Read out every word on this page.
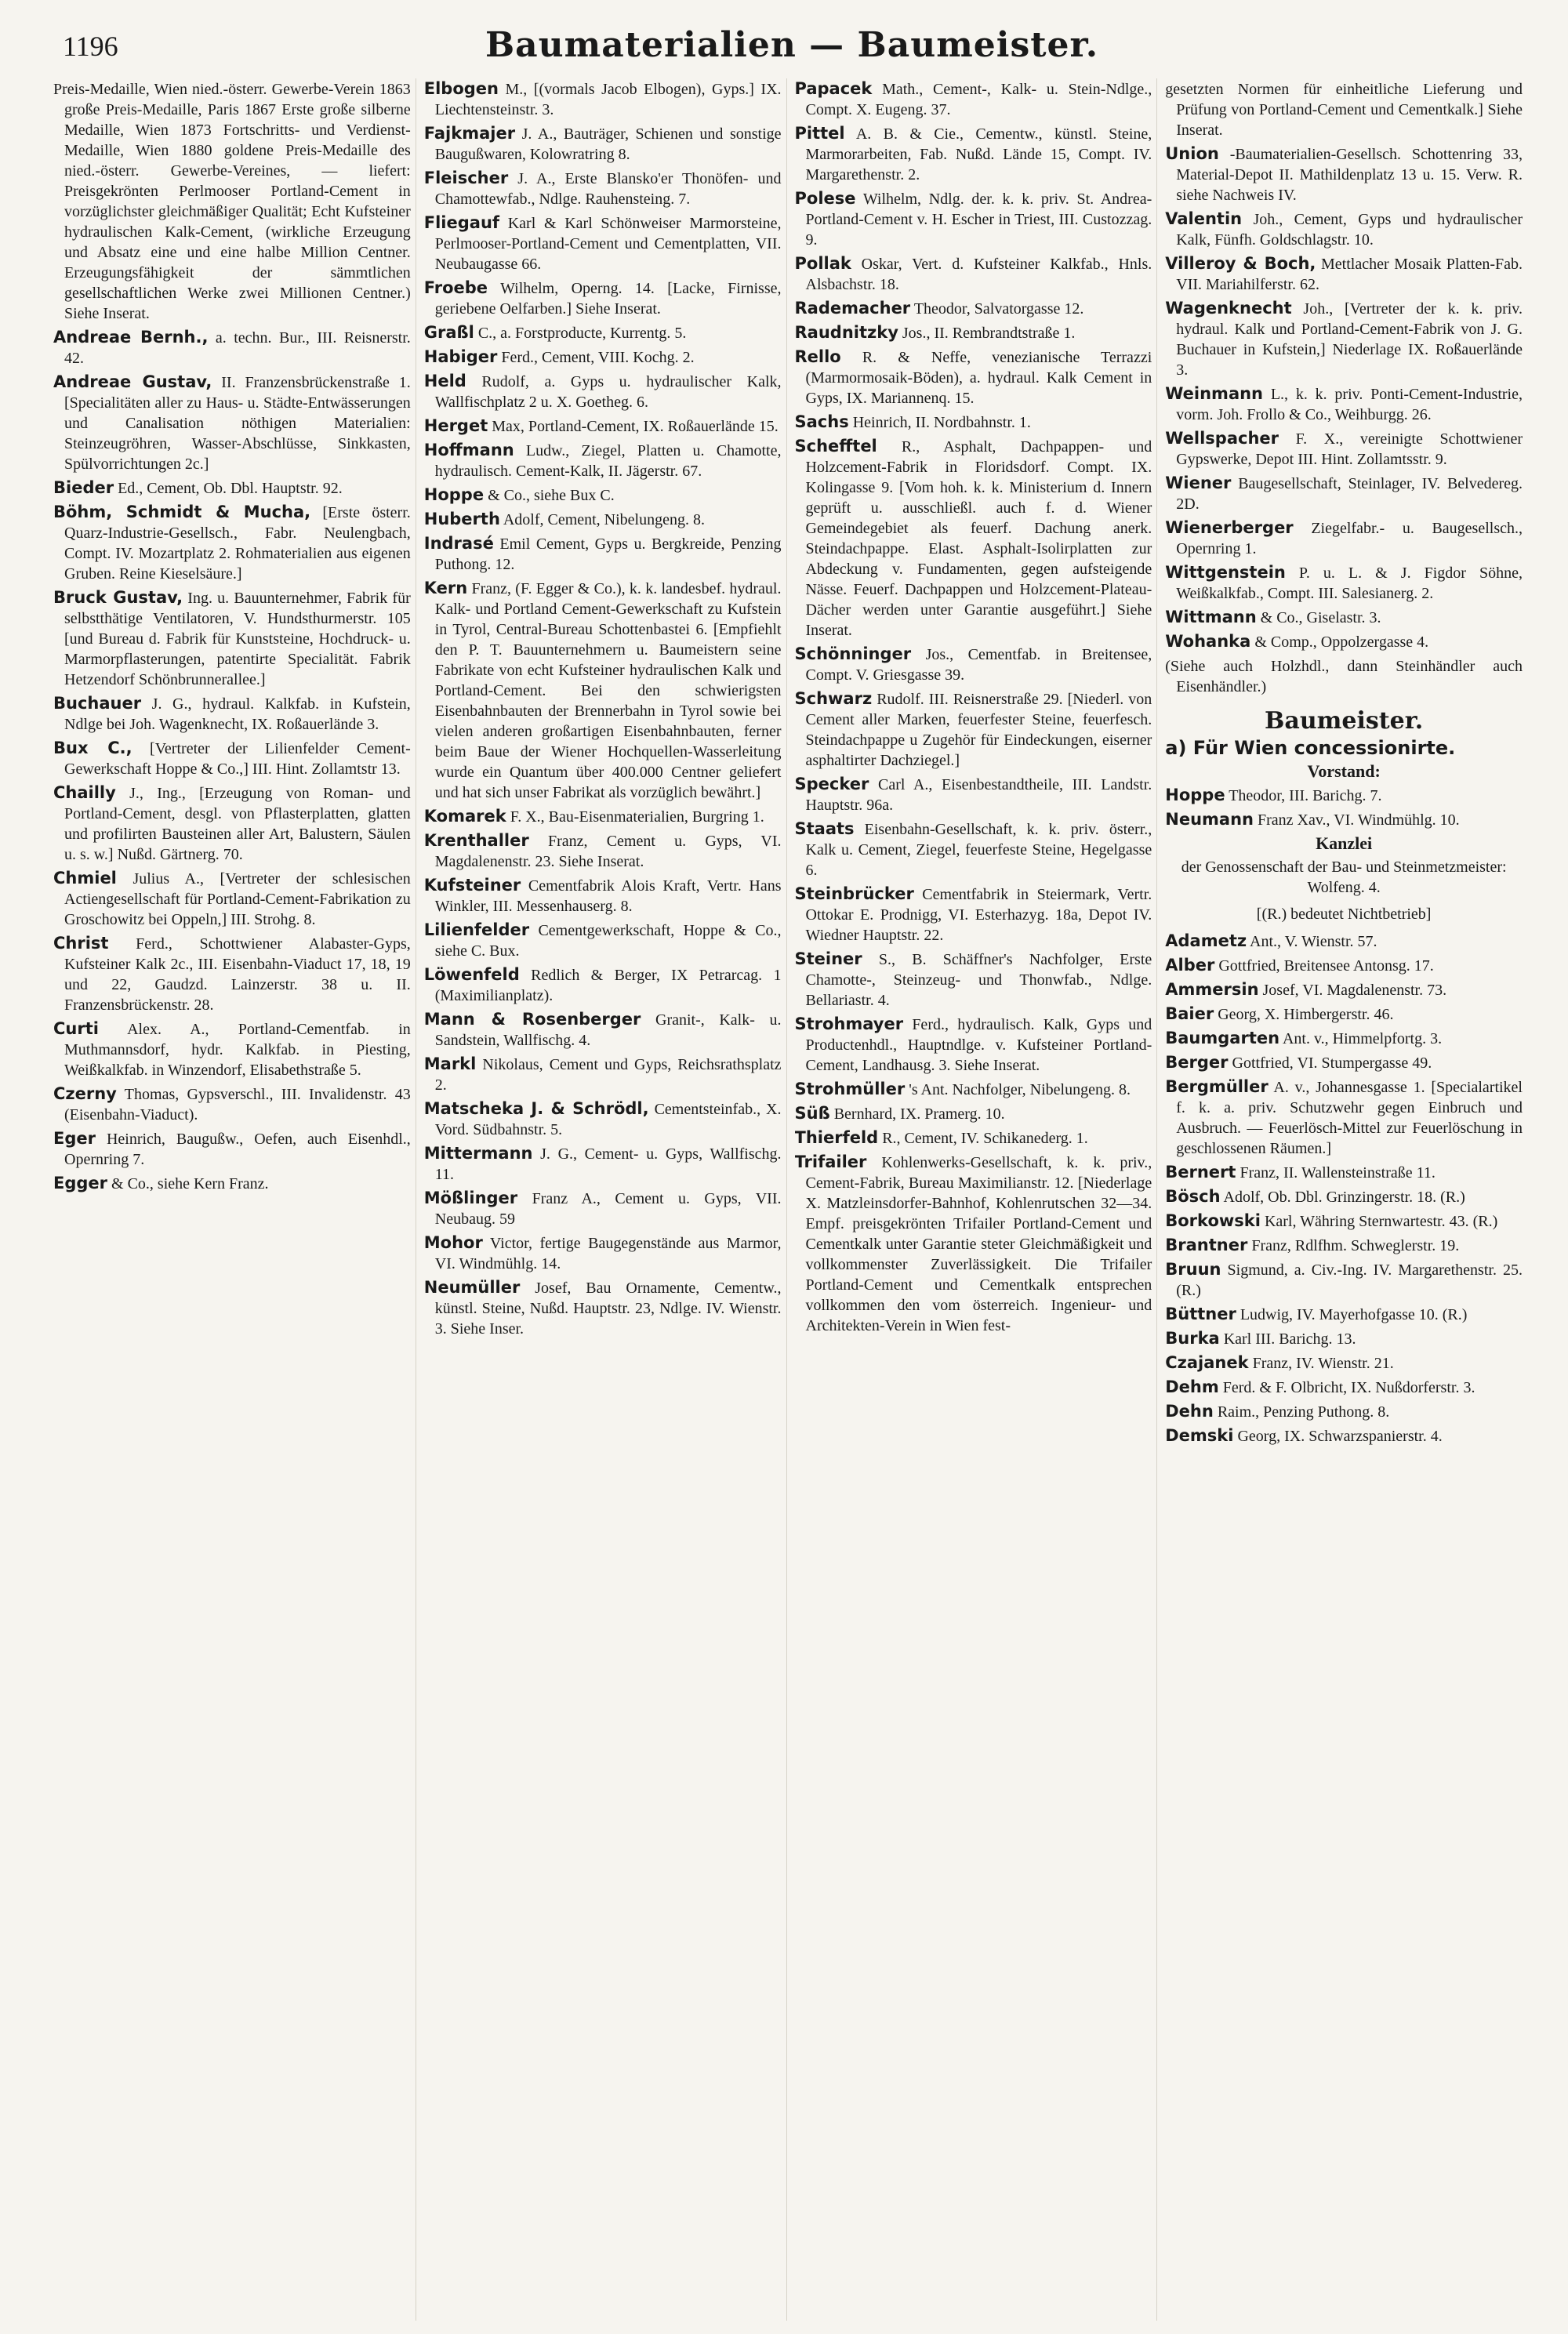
1196	Baumaterialien — Baumeister.

Preis-Medaille, Wien nied.-österr. Gewerbe-Verein 1863 große Preis-Medaille, Paris 1867 Erste große silberne Medaille, Wien 1873 Fortschritts- und Verdienst-Medaille, Wien 1880 goldene Preis-Medaille des nied.-österr. Gewerbe-Vereines, — liefert: Preisgekrönten Perlmooser Portland-Cement in vorzüglichster gleichmäßiger Qualität; Echt Kufsteiner hydraulischen Kalk-Cement, (wirkliche Erzeugung und Absatz eine und eine halbe Million Centner. Erzeugungsfähigkeit der sämmtlichen gesellschaftlichen Werke zwei Millionen Centner.) Siehe Inserat.

Andreae Bernh., a. techn. Bur., III. Reisnerstr. 42.

Andreae Gustav, II. Franzensbrückenstraße 1. [Specialitäten aller zu Haus- u. Städte-Entwässerungen und Canalisation nöthigen Materialien: Steinzeugröhren, Wasser-Abschlüsse, Sinkkasten, Spülvorrichtungen 2c.]

Bieder Ed., Cement, Ob. Dbl. Hauptstr. 92.

Böhm, Schmidt & Mucha, [Erste österr. Quarz-Industrie-Gesellsch., Fabr. Neulengbach, Compt. IV. Mozartplatz 2. Rohmaterialien aus eigenen Gruben. Reine Kieselsäure.]

Bruck Gustav, Ing. u. Bauunternehmer, Fabrik für selbstthätige Ventilatoren, V. Hundsthurmerstr. 105 [und Bureau d. Fabrik für Kunststeine, Hochdruck- u. Marmorpflasterungen, patentirte Specialität. Fabrik Hetzendorf Schönbrunnerallee.]

Buchauer J. G., hydraul. Kalkfab. in Kufstein, Ndlge bei Joh. Wagenknecht, IX. Roßauerlände 3.

Bux C., [Vertreter der Lilienfelder Cement-Gewerkschaft Hoppe & Co.,] III. Hint. Zollamtstr 13.

Chailly J., Ing., [Erzeugung von Roman- und Portland-Cement, desgl. von Pflasterplatten, glatten und profilirten Bausteinen aller Art, Balustern, Säulen u. s. w.] Nußd. Gärtnerg. 70.

Chmiel Julius A., [Vertreter der schlesischen Actiengesellschaft für Portland-Cement-Fabrikation zu Groschowitz bei Oppeln,] III. Strohg. 8.

Christ Ferd., Schottwiener Alabaster-Gyps, Kufsteiner Kalk 2c., III. Eisenbahn-Viaduct 17, 18, 19 und 22, Gaudzd. Lainzerstr. 38 u. II. Franzensbrückenstr. 28.

Curti Alex. A., Portland-Cementfab. in Muthmannsdorf, hydr. Kalkfab. in Piesting, Weißkalkfab. in Winzendorf, Elisabethstraße 5.

Czerny Thomas, Gypsverschl., III. Invalidenstr. 43 (Eisenbahn-Viaduct).

Eger Heinrich, Baugußw., Oefen, auch Eisenhdl., Opernring 7.

Egger & Co., siehe Kern Franz.

Elbogen M., [(vormals Jacob Elbogen), Gyps.] IX. Liechtensteinstr. 3.

Fajkmajer J. A., Bauträger, Schienen und sonstige Baugußwaren, Kolowratring 8.

Fleischer J. A., Erste Blansko'er Thonöfen- und Chamottewfab., Ndlge. Rauhensteing. 7.

Fliegauf Karl & Karl Schönweiser Marmorsteine, Perlmooser-Portland-Cement und Cementplatten, VII. Neubaugasse 66.

Froebe Wilhelm, Operng. 14. [Lacke, Firnisse, geriebene Oelfarben.] Siehe Inserat.

Graßl C., a. Forstproducte, Kurrentg. 5.

Habiger Ferd., Cement, VIII. Kochg. 2.

Held Rudolf, a. Gyps u. hydraulischer Kalk, Wallfischplatz 2 u. X. Goetheg. 6.

Herget Max, Portland-Cement, IX. Roßauerlände 15.

Hoffmann Ludw., Ziegel, Platten u. Chamotte, hydraulisch. Cement-Kalk, II. Jägerstr. 67.

Hoppe & Co., siehe Bux C.

Huberth Adolf, Cement, Nibelungeng. 8.

Indrasé Emil Cement, Gyps u. Bergkreide, Penzing Puthong. 12.

Kern Franz, (F. Egger & Co.), k. k. landesbef. hydraul. Kalk- und Portland Cement-Gewerkschaft zu Kufstein in Tyrol, Central-Bureau Schottenbastei 6. [Empfiehlt den P. T. Bauunternehmern u. Baumeistern seine Fabrikate von echt Kufsteiner hydraulischen Kalk und Portland-Cement. Bei den schwierigsten Eisenbahnbauten der Brennerbahn in Tyrol sowie bei vielen anderen großartigen Eisenbahnbauten, ferner beim Baue der Wiener Hochquellen-Wasserleitung wurde ein Quantum über 400.000 Centner geliefert und hat sich unser Fabrikat als vorzüglich bewährt.]

Komarek F. X., Bau-Eisenmaterialien, Burgring 1.

Krenthaller Franz, Cement u. Gyps, VI. Magdalenenstr. 23. Siehe Inserat.

Kufsteiner Cementfabrik Alois Kraft, Vertr. Hans Winkler, III. Messenhauserg. 8.

Lilienfelder Cementgewerkschaft, Hoppe & Co., siehe C. Bux.

Löwenfeld Redlich & Berger, IX Petrarcag. 1 (Maximilianplatz).

Mann & Rosenberger Granit-, Kalk- u. Sandstein, Wallfischg. 4.

Markl Nikolaus, Cement und Gyps, Reichsrathsplatz 2.

Matscheka J. & Schrödl, Cementsteinfab., X. Vord. Südbahnstr. 5.

Mittermann J. G., Cement- u. Gyps, Wallfischg. 11.

Mößlinger Franz A., Cement u. Gyps, VII. Neubaug. 59

Mohor Victor, fertige Baugegenstände aus Marmor, VI. Windmühlg. 14.

Neumüller Josef, Bau Ornamente, Cementw., künstl. Steine, Nußd. Hauptstr. 23, Ndlge. IV. Wienstr. 3. Siehe Inser.

Papacek Math., Cement-, Kalk- u. Stein-Ndlge., Compt. X. Eugeng. 37.

Pittel A. B. & Cie., Cementw., künstl. Steine, Marmorarbeiten, Fab. Nußd. Lände 15, Compt. IV. Margarethenstr. 2.

Polese Wilhelm, Ndlg. der. k. k. priv. St. Andrea-Portland-Cement v. H. Escher in Triest, III. Custozzag. 9.

Pollak Oskar, Vert. d. Kufsteiner Kalkfab., Hnls. Alsbachstr. 18.

Rademacher Theodor, Salvatorgasse 12.

Raudnitzky Jos., II. Rembrandtstraße 1.

Rello R. & Neffe, venezianische Terrazzi (Marmormosaik-Böden), a. hydraul. Kalk Cement in Gyps, IX. Mariannenq. 15.

Sachs Heinrich, II. Nordbahnstr. 1.

Schefftel R., Asphalt, Dachpappen- und Holzcement-Fabrik in Floridsdorf. Compt. IX. Kolingasse 9. [Vom hoh. k. k. Ministerium d. Innern geprüft u. ausschließl. auch f. d. Wiener Gemeindegebiet als feuerf. Dachung anerk. Steindachpappe. Elast. Asphalt-Isolirplatten zur Abdeckung v. Fundamenten, gegen aufsteigende Nässe. Feuerf. Dachpappen und Holzcement-Plateau-Dächer werden unter Garantie ausgeführt.] Siehe Inserat.

Schönninger Jos., Cementfab. in Breitensee, Compt. V. Griesgasse 39.

Schwarz Rudolf. III. Reisnerstraße 29. [Niederl. von Cement aller Marken, feuerfester Steine, feuerfesch. Steindachpappe u Zugehör für Eindeckungen, eiserner asphaltirter Dachziegel.]

Specker Carl A., Eisenbestandtheile, III. Landstr. Hauptstr. 96a.

Staats Eisenbahn-Gesellschaft, k. k. priv. österr., Kalk u. Cement, Ziegel, feuerfeste Steine, Hegelgasse 6.

Steinbrücker Cementfabrik in Steiermark, Vertr. Ottokar E. Prodnigg, VI. Esterhazyg. 18a, Depot IV. Wiedner Hauptstr. 22.

Steiner S., B. Schäffner's Nachfolger, Erste Chamotte-, Steinzeug- und Thonwfab., Ndlge. Bellariastr. 4.

Strohmayer Ferd., hydraulisch. Kalk, Gyps und Productenhdl., Hauptndlge. v. Kufsteiner Portland-Cement, Landhausg. 3. Siehe Inserat.

Strohmüller 's Ant. Nachfolger, Nibelungeng. 8.

Süß Bernhard, IX. Pramerg. 10.

Thierfeld R., Cement, IV. Schikanederg. 1.

Trifailer Kohlenwerks-Gesellschaft, k. k. priv., Cement-Fabrik, Bureau Maximilianstr. 12. [Niederlage X. Matzleinsdorfer-Bahnhof, Kohlenrutschen 32—34. Empf. preisgekrönten Trifailer Portland-Cement und Cementkalk unter Garantie steter Gleichmäßigkeit und vollkommenster Zuverlässigkeit. Die Trifailer Portland-Cement und Cementkalk entsprechen vollkommen den vom österreich. Ingenieur- und Architekten-Verein in Wien fest-

gesetzten Normen für einheitliche Lieferung und Prüfung von Portland-Cement und Cementkalk.] Siehe Inserat.

Union -Baumaterialien-Gesellsch. Schottenring 33, Material-Depot II. Mathildenplatz 13 u. 15. Verw. R. siehe Nachweis IV.

Valentin Joh., Cement, Gyps und hydraulischer Kalk, Fünfh. Goldschlagstr. 10.

Villeroy & Boch, Mettlacher Mosaik Platten-Fab. VII. Mariahilferstr. 62.

Wagenknecht Joh., [Vertreter der k. k. priv. hydraul. Kalk und Portland-Cement-Fabrik von J. G. Buchauer in Kufstein,] Niederlage IX. Roßauerlände 3.

Weinmann L., k. k. priv. Ponti-Cement-Industrie, vorm. Joh. Frollo & Co., Weihburgg. 26.

Wellspacher F. X., vereinigte Schottwiener Gypswerke, Depot III. Hint. Zollamtsstr. 9.

Wiener Baugesellschaft, Steinlager, IV. Belvedereg. 2D.

Wienerberger Ziegelfabr.- u. Baugesellsch., Opernring 1.

Wittgenstein P. u. L. & J. Figdor Söhne, Weißkalkfab., Compt. III. Salesianerg. 2.

Wittmann & Co., Giselastr. 3.

Wohanka & Comp., Oppolzergasse 4.

(Siehe auch Holzhdl., dann Steinhändler auch Eisenhändler.)

Baumeister.
a) Für Wien concessionirte.
Vorstand:

Hoppe Theodor, III. Barichg. 7.

Neumann Franz Xav., VI. Windmühlg. 10.

Kanzlei
der Genossenschaft der Bau- und Steinmetzmeister: Wolfeng. 4.
[(R.) bedeutet Nichtbetrieb]

Adametz Ant., V. Wienstr. 57.

Alber Gottfried, Breitensee Antonsg. 17.

Ammersin Josef, VI. Magdalenenstr. 73.

Baier Georg, X. Himbergerstr. 46.

Baumgarten Ant. v., Himmelpfortg. 3.

Berger Gottfried, VI. Stumpergasse 49.

Bergmüller A. v., Johannesgasse 1. [Specialartikel f. k. a. priv. Schutzwehr gegen Einbruch und Ausbruch. — Feuerlösch-Mittel zur Feuerlöschung in geschlossenen Räumen.]

Bernert Franz, II. Wallensteinstraße 11.

Bösch Adolf, Ob. Dbl. Grinzingerstr. 18. (R.)

Borkowski Karl, Währing Sternwartestr. 43. (R.)

Brantner Franz, Rdlfhm. Schweglerstr. 19.

Bruun Sigmund, a. Civ.-Ing. IV. Margarethenstr. 25. (R.)

Büttner Ludwig, IV. Mayerhofgasse 10. (R.)

Burka Karl III. Barichg. 13.

Czajanek Franz, IV. Wienstr. 21.

Dehm Ferd. & F. Olbricht, IX. Nußdorferstr. 3.

Dehn Raim., Penzing Puthong. 8.

Demski Georg, IX. Schwarzspanierstr. 4.
